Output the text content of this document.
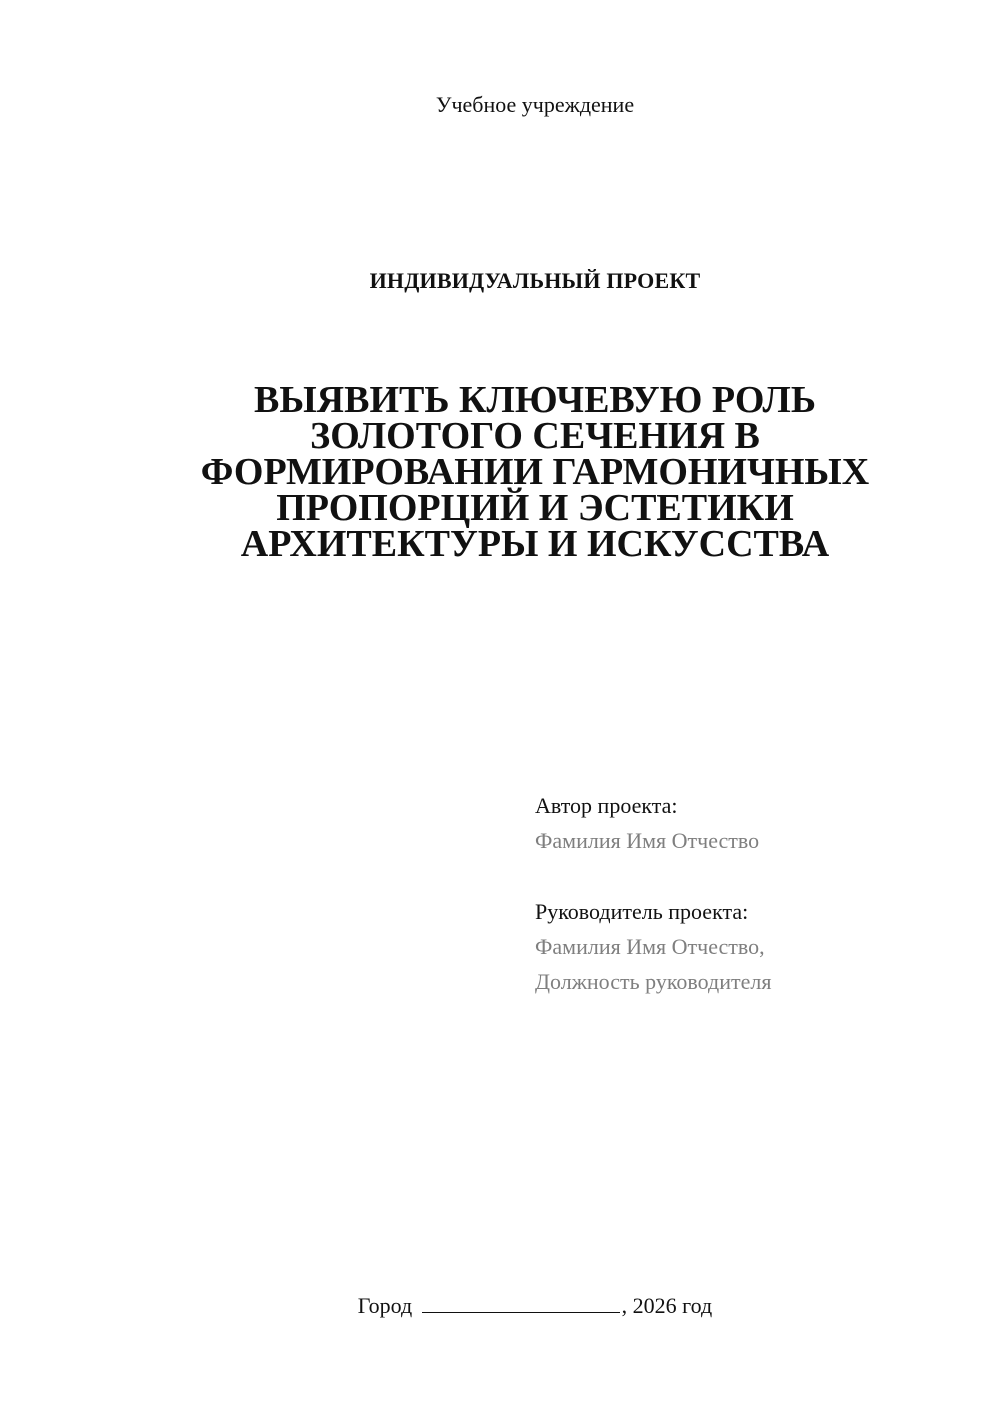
Учебное учреждение
ИНДИВИДУАЛЬНЫЙ ПРОЕКТ
ВЫЯВИТЬ КЛЮЧЕВУЮ РОЛЬ
ЗОЛОТОГО СЕЧЕНИЯ В
ФОРМИРОВАНИИ ГАРМОНИЧНЫХ
ПРОПОРЦИЙ И ЭСТЕТИКИ
АРХИТЕКТУРЫ И ИСКУССТВА
Автор проекта:
Фамилия Имя Отчество
Руководитель проекта:
Фамилия Имя Отчество,
Должность руководителя
Город	, 2026 год
